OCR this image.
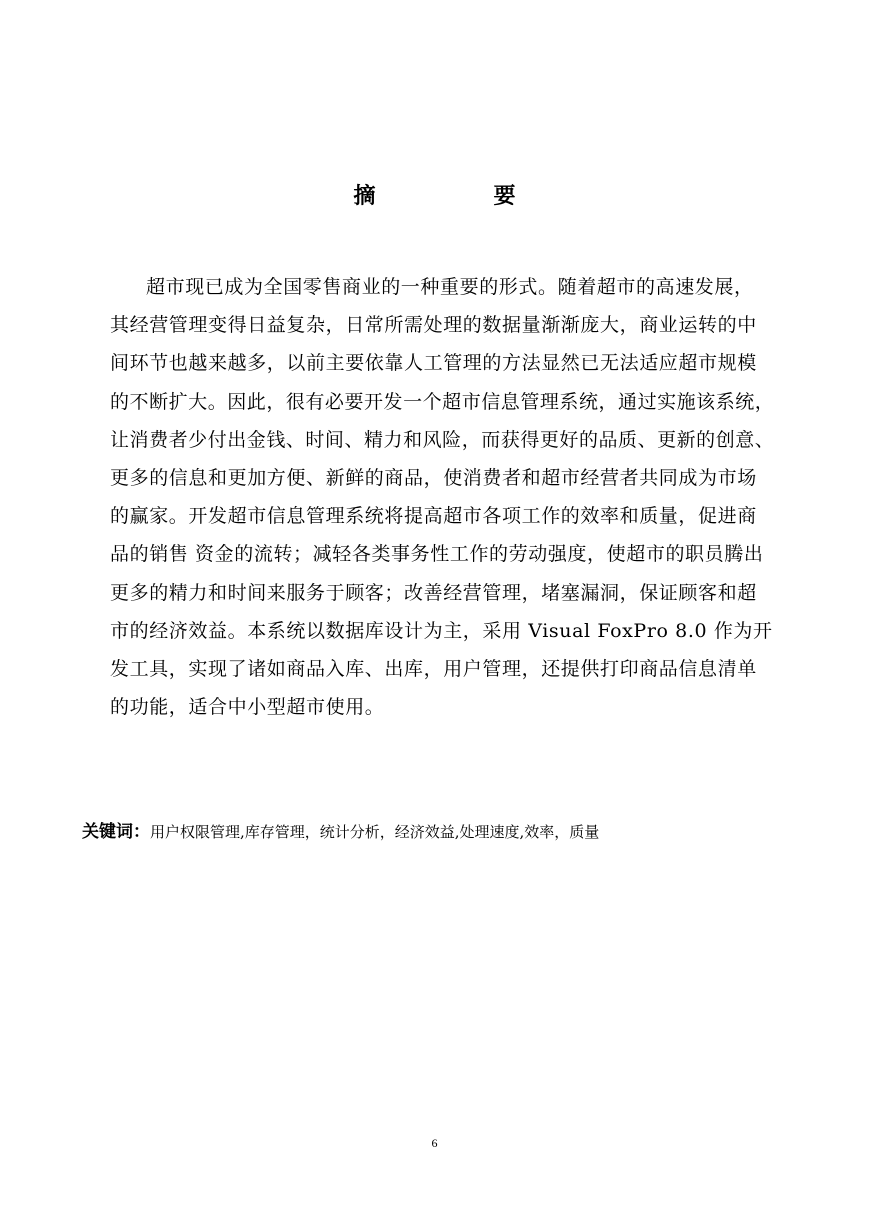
摘　要
超市现已成为全国零售商业的一种重要的形式。随着超市的高速发展，
其经营管理变得日益复杂，日常所需处理的数据量渐渐庞大，商业运转的中
间环节也越来越多，以前主要依靠人工管理的方法显然已无法适应超市规模
的不断扩大。因此，很有必要开发一个超市信息管理系统，通过实施该系统，
让消费者少付出金钱、时间、精力和风险，而获得更好的品质、更新的创意、
更多的信息和更加方便、新鲜的商品，使消费者和超市经营者共同成为市场
的赢家。开发超市信息管理系统将提高超市各项工作的效率和质量，促进商
品的销售 资金的流转；减轻各类事务性工作的劳动强度，使超市的职员腾出
更多的精力和时间来服务于顾客；改善经营管理，堵塞漏洞，保证顾客和超
市的经济效益。本系统以数据库设计为主，采用 Visual FoxPro 8.0 作为开
发工具，实现了诸如商品入库、出库，用户管理，还提供打印商品信息清单
的功能，适合中小型超市使用。
关键词：用户权限管理,库存管理，统计分析，经济效益,处理速度,效率，质量
6
